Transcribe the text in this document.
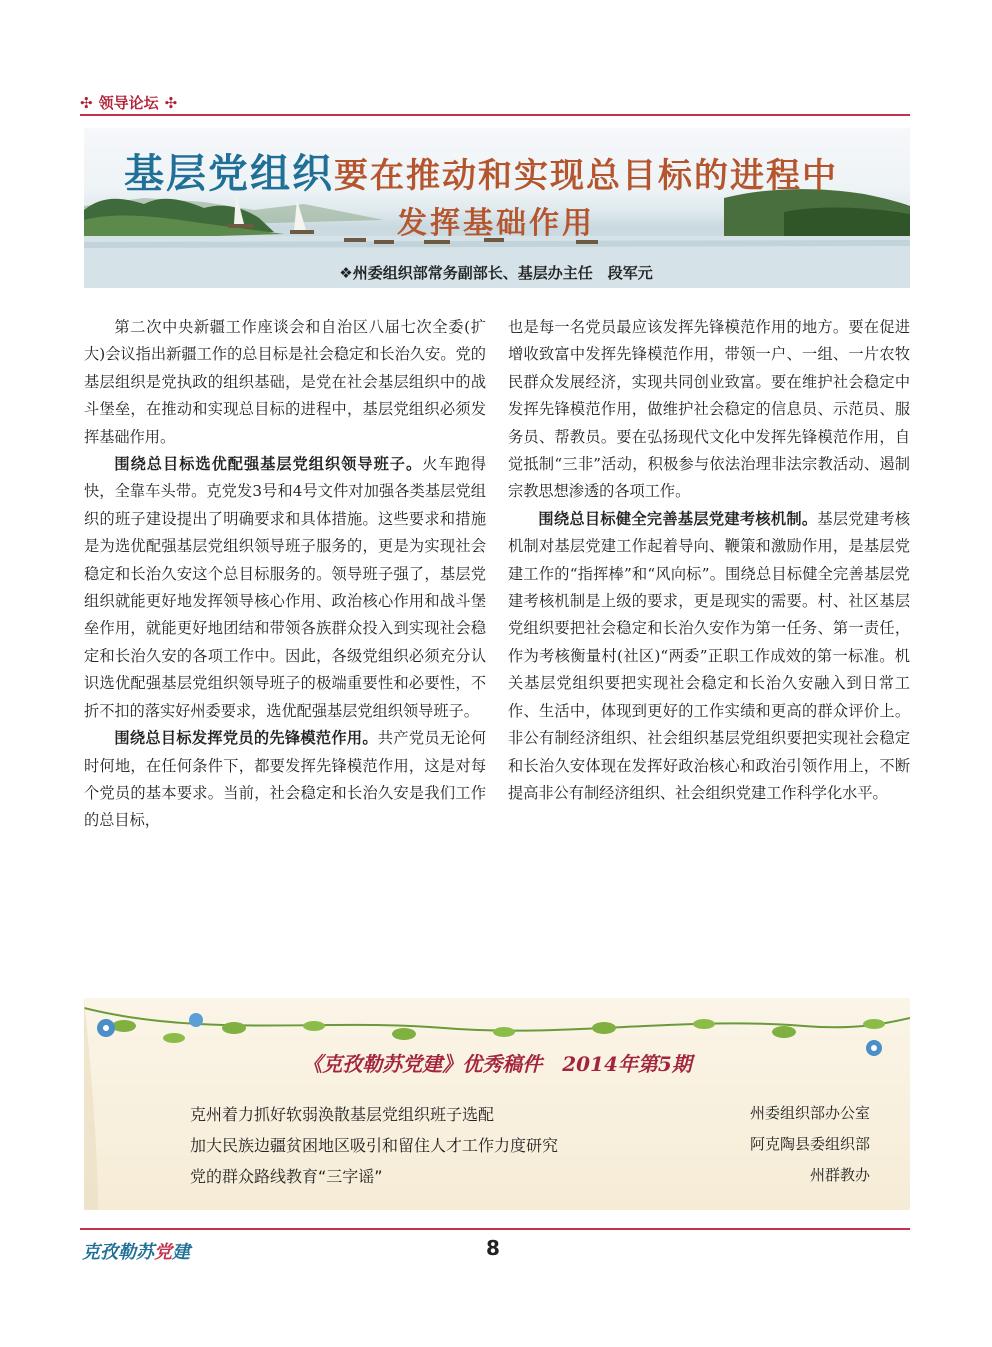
✣ 领导论坛 ✣
基层党组织要在推动和实现总目标的进程中
发挥基础作用
❖州委组织部常务副部长、基层办主任　段军元

第二次中央新疆工作座谈会和自治区八届七次全委(扩大)会议指出新疆工作的总目标是社会稳定和长治久安。党的基层组织是党执政的组织基础，是党在社会基层组织中的战斗堡垒，在推动和实现总目标的进程中，基层党组织必须发挥基础作用。

围绕总目标选优配强基层党组织领导班子。火车跑得快，全靠车头带。克党发3号和4号文件对加强各类基层党组织的班子建设提出了明确要求和具体措施。这些要求和措施是为选优配强基层党组织领导班子服务的，更是为实现社会稳定和长治久安这个总目标服务的。领导班子强了，基层党组织就能更好地发挥领导核心作用、政治核心作用和战斗堡垒作用，就能更好地团结和带领各族群众投入到实现社会稳定和长治久安的各项工作中。因此，各级党组织必须充分认识选优配强基层党组织领导班子的极端重要性和必要性，不折不扣的落实好州委要求，选优配强基层党组织领导班子。

围绕总目标发挥党员的先锋模范作用。共产党员无论何时何地，在任何条件下，都要发挥先锋模范作用，这是对每个党员的基本要求。当前，社会稳定和长治久安是我们工作的总目标，

也是每一名党员最应该发挥先锋模范作用的地方。要在促进增收致富中发挥先锋模范作用，带领一户、一组、一片农牧民群众发展经济，实现共同创业致富。要在维护社会稳定中发挥先锋模范作用，做维护社会稳定的信息员、示范员、服务员、帮教员。要在弘扬现代文化中发挥先锋模范作用，自觉抵制“三非”活动，积极参与依法治理非法宗教活动、遏制宗教思想渗透的各项工作。

围绕总目标健全完善基层党建考核机制。基层党建考核机制对基层党建工作起着导向、鞭策和激励作用，是基层党建工作的“指挥棒”和“风向标”。围绕总目标健全完善基层党建考核机制是上级的要求，更是现实的需要。村、社区基层党组织要把社会稳定和长治久安作为第一任务、第一责任，作为考核衡量村(社区)“两委”正职工作成效的第一标准。机关基层党组织要把实现社会稳定和长治久安融入到日常工作、生活中，体现到更好的工作实绩和更高的群众评价上。非公有制经济组织、社会组织基层党组织要把实现社会稳定和长治久安体现在发挥好政治核心和政治引领作用上，不断提高非公有制经济组织、社会组织党建工作科学化水平。

《克孜勒苏党建》优秀稿件　2014年第5期
克州着力抓好软弱涣散基层党组织班子选配	州委组织部办公室
加大民族边疆贫困地区吸引和留住人才工作力度研究	阿克陶县委组织部
党的群众路线教育“三字谣”	州群教办
克孜勒苏 党 建	8
